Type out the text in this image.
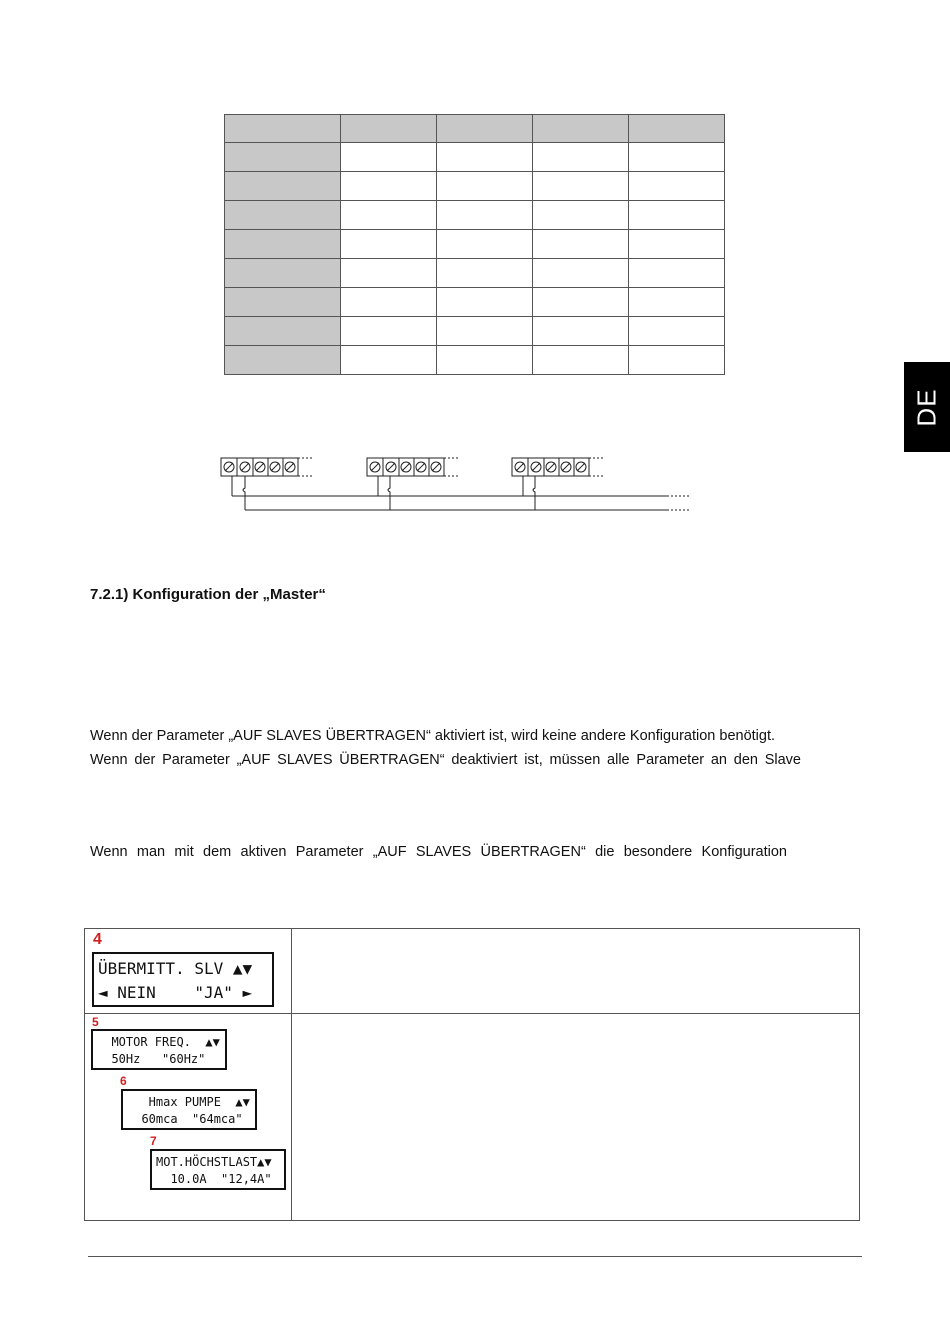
DE
7.2.1) Konfiguration der „Master“
Wenn der Parameter „AUF SLAVES ÜBERTRAGEN“ aktiviert ist, wird keine andere Konfiguration benötigt.
Wenn der Parameter „AUF SLAVES ÜBERTRAGEN“ deaktiviert ist, müssen alle Parameter an den Slave
Wenn man mit dem aktiven Parameter „AUF SLAVES ÜBERTRAGEN“ die besondere Konfiguration
4

ÜBERMITT. SLV ▲▼

◄ NEIN    "JA" ►

5

MOTOR FREQ.  ▲▼

50Hz   "60Hz"

6

Hmax PUMPE  ▲▼

60mca  "64mca"

7

MOT.HÖCHSTLAST▲▼

10.0A  "12,4A"
